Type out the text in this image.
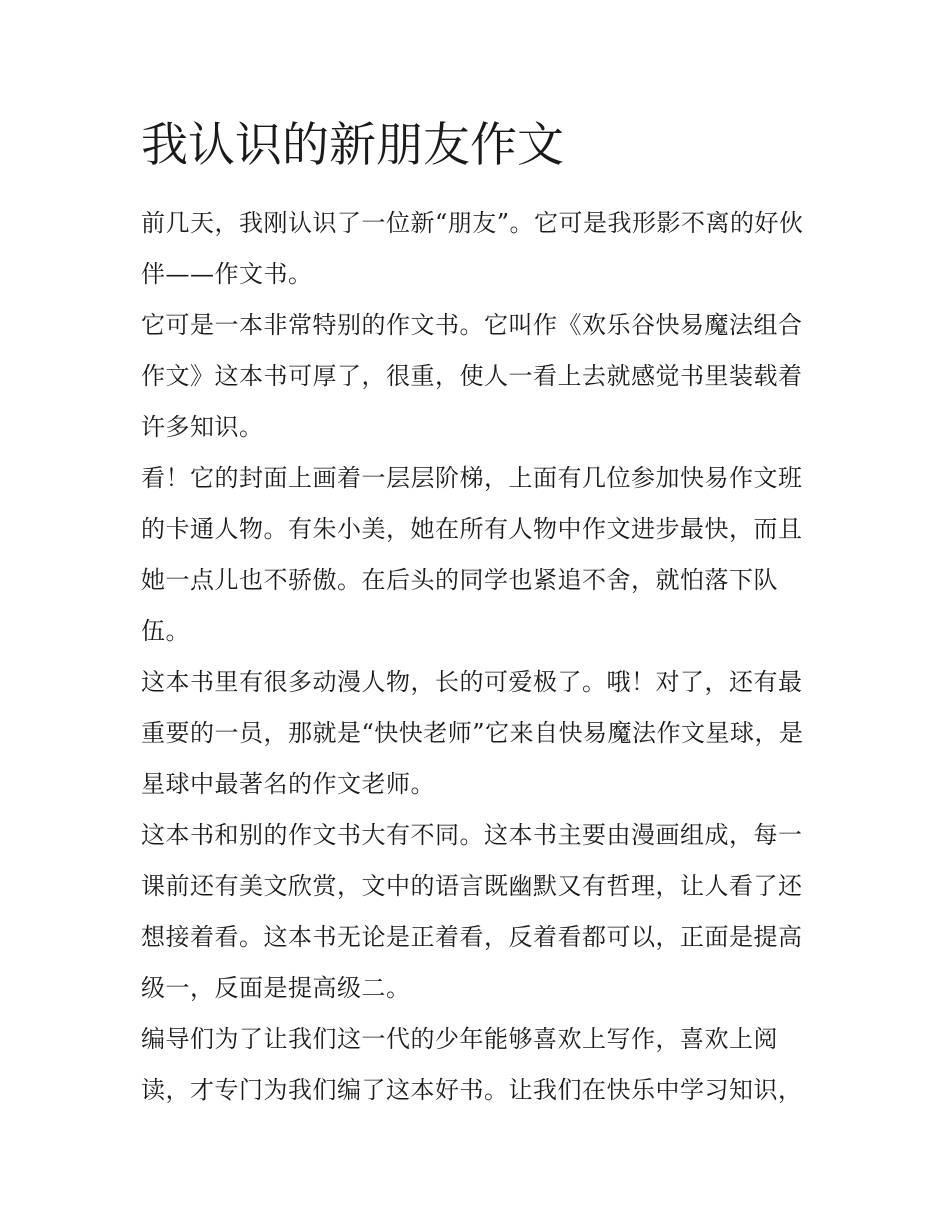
我认识的新朋友作文

前几天，我刚认识了一位新“朋友”。它可是我形影不离的好伙伴——作文书。

它可是一本非常特别的作文书。它叫作《欢乐谷快易魔法组合作文》这本书可厚了，很重，使人一看上去就感觉书里装载着许多知识。

看！它的封面上画着一层层阶梯，上面有几位参加快易作文班的卡通人物。有朱小美，她在所有人物中作文进步最快，而且她一点儿也不骄傲。在后头的同学也紧追不舍，就怕落下队伍。

这本书里有很多动漫人物，长的可爱极了。哦！对了，还有最重要的一员，那就是“快快老师”它来自快易魔法作文星球，是星球中最著名的作文老师。

这本书和别的作文书大有不同。这本书主要由漫画组成，每一课前还有美文欣赏，文中的语言既幽默又有哲理，让人看了还想接着看。这本书无论是正着看，反着看都可以，正面是提高级一，反面是提高级二。

编导们为了让我们这一代的少年能够喜欢上写作，喜欢上阅读，才专门为我们编了这本好书。让我们在快乐中学习知识，
